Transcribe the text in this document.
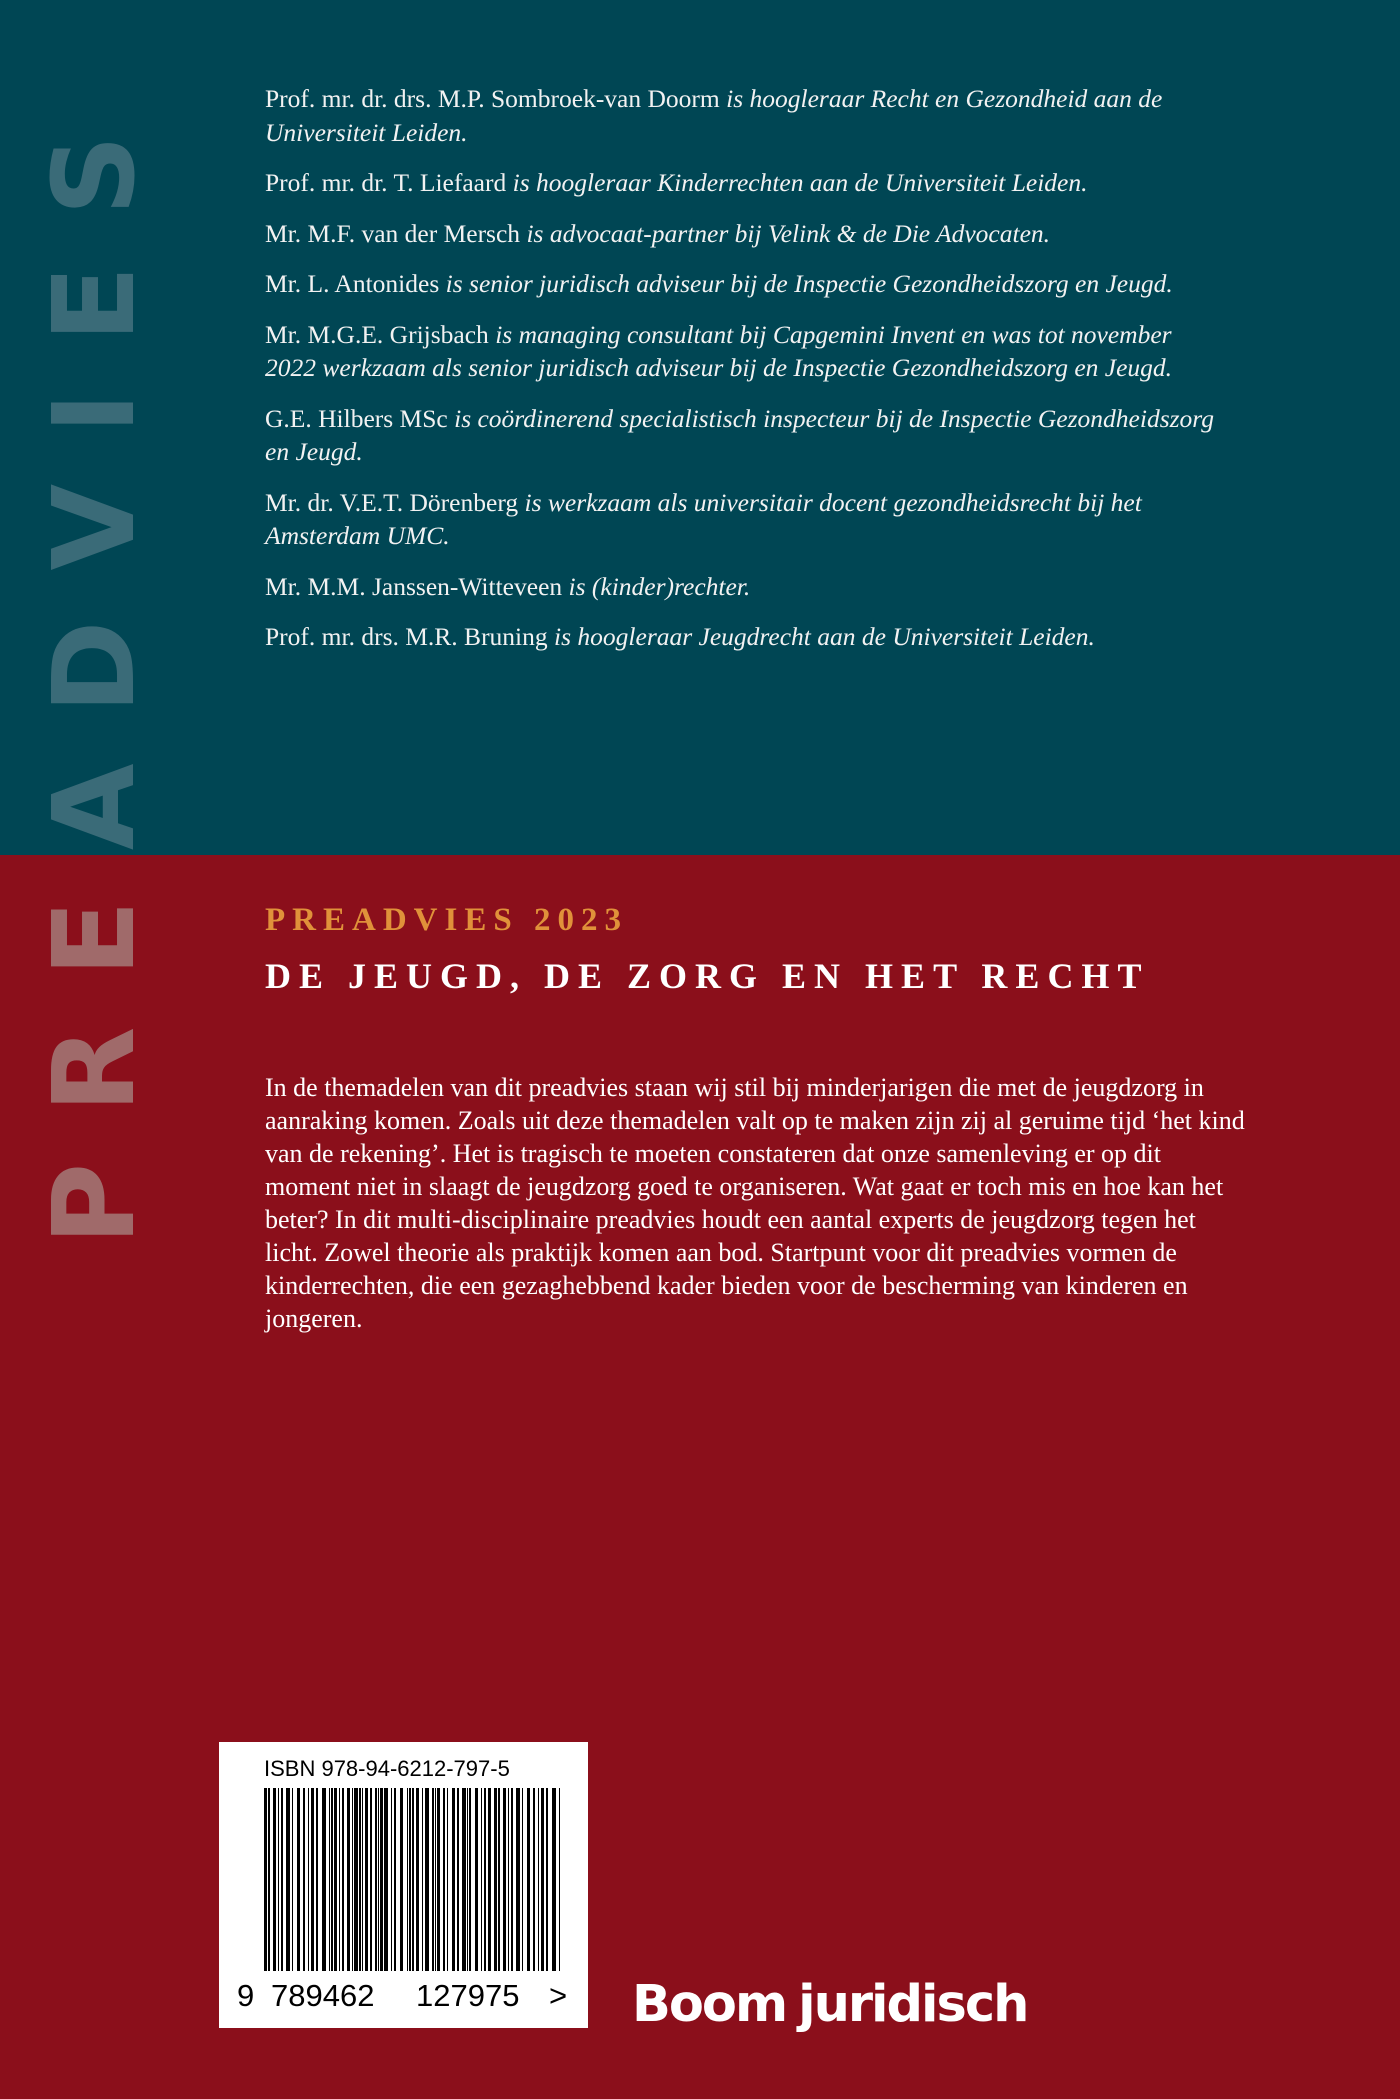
PREADVIES	Prof. mr. dr. drs. M.P. Sombroek-van Doorm is hoogleraar Recht en Gezondheid aan de Universiteit Leiden.

Prof. mr. dr. T. Liefaard is hoogleraar Kinderrechten aan de Universiteit Leiden.

Mr. M.F. van der Mersch is advocaat-partner bij Velink & de Die Advocaten.

Mr. L. Antonides is senior juridisch adviseur bij de Inspectie Gezondheidszorg en Jeugd.

Mr. M.G.E. Grijsbach is managing consultant bij Capgemini Invent en was tot november 2022 werkzaam als senior juridisch adviseur bij de Inspectie Gezondheidszorg en Jeugd.

G.E. Hilbers MSc is coördinerend specialistisch inspecteur bij de Inspectie Gezondheidszorg en Jeugd.

Mr. dr. V.E.T. Dörenberg is werkzaam als universitair docent gezondheidsrecht bij het Amsterdam UMC.

Mr. M.M. Janssen-Witteveen is (kinder)rechter.

Prof. mr. drs. M.R. Bruning is hoogleraar Jeugdrecht aan de Universiteit Leiden.

PREADVIES 2023
DE JEUGD, DE ZORG EN HET RECHT

In de themadelen van dit preadvies staan wij stil bij minderjarigen die met de jeugdzorg in aanraking komen. Zoals uit deze themadelen valt op te maken zijn zij al geruime tijd ‘het kind van de rekening’. Het is tragisch te moeten constateren dat onze samenleving er op dit moment niet in slaagt de jeugdzorg goed te organiseren. Wat gaat er toch mis en hoe kan het beter? In dit multi-disciplinaire preadvies houdt een aantal experts de jeugdzorg tegen het licht. Zowel theorie als praktijk komen aan bod. Startpunt voor dit preadvies vormen de kinderrechten, die een gezaghebbend kader bieden voor de bescherming van kinderen en jongeren.

ISBN 978-94-6212-797-5
9 789462 127975 > Boom juridisch
